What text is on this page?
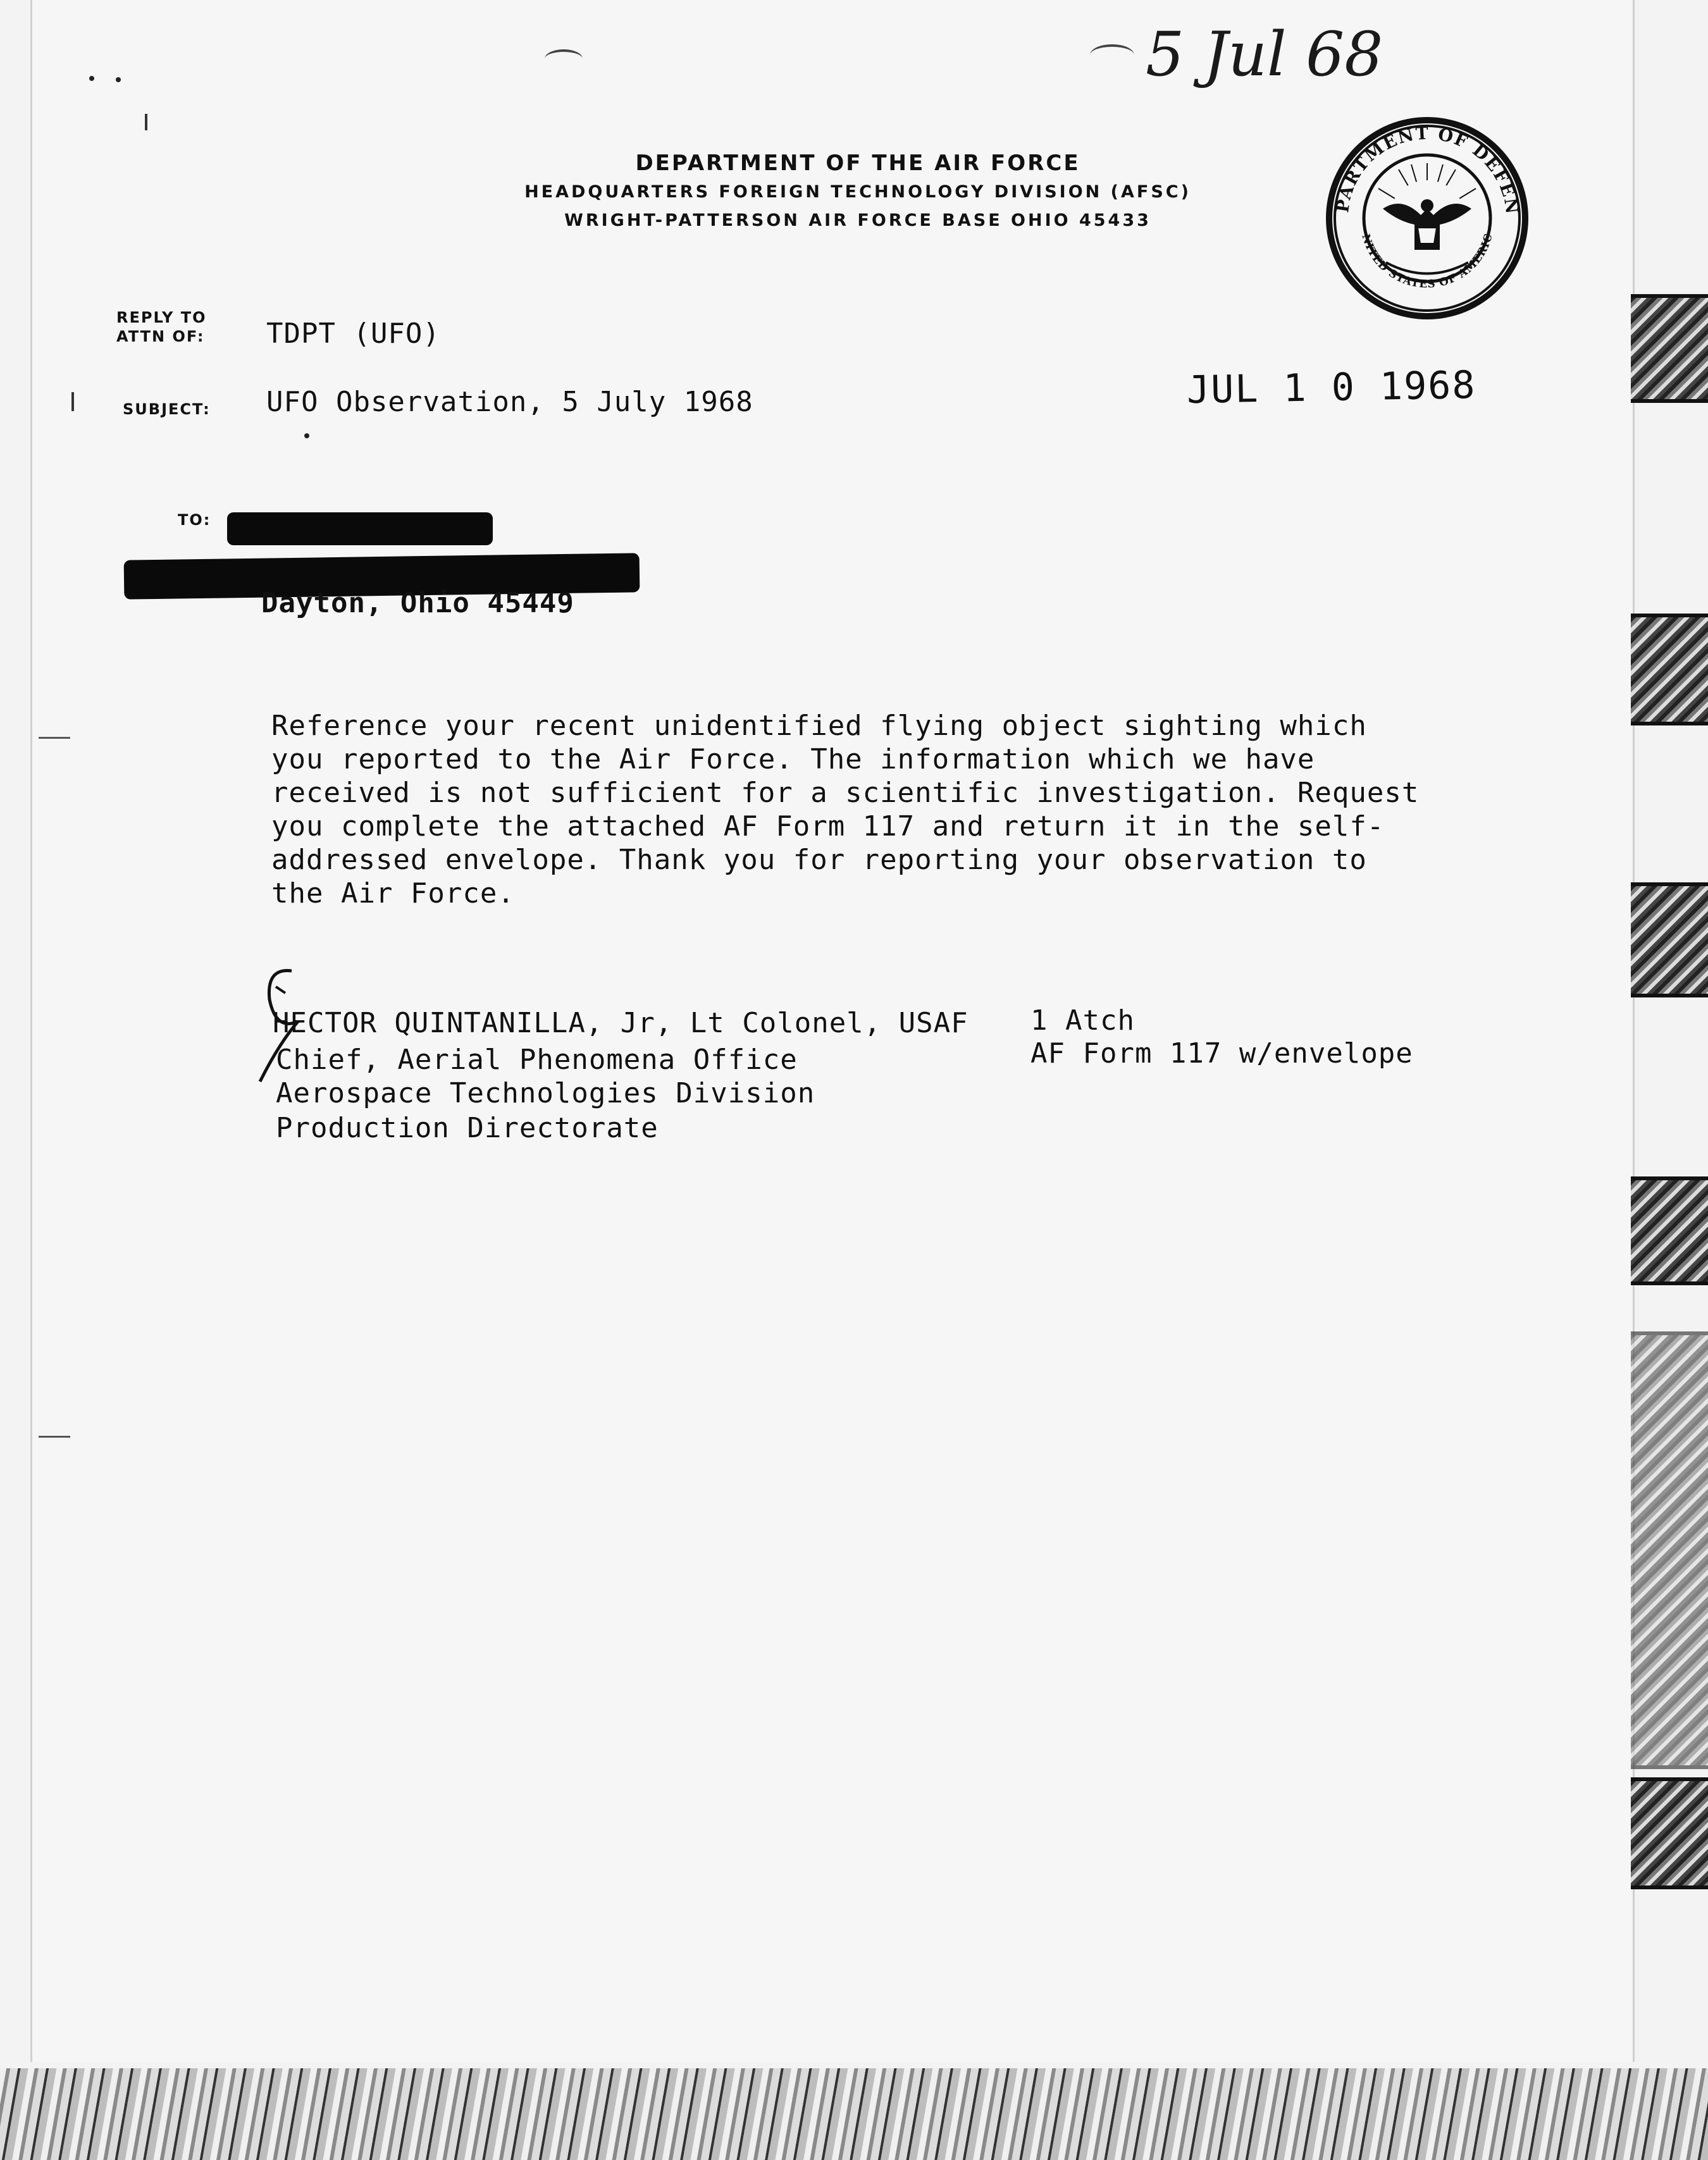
5 Jul 68
DEPARTMENT OF THE AIR FORCE
HEADQUARTERS FOREIGN TECHNOLOGY DIVISION (AFSC)
WRIGHT-PATTERSON AIR FORCE BASE OHIO 45433
PARTMENT OF DEFEN
NITED STATES OF AMERIC
REPLY TO
ATTN OF: TDPT (UFO)
SUBJECT: UFO Observation, 5 July 1968	JUL 1 0 1968
TO:
Dayton, Ohio 45449
Reference your recent unidentified flying object sighting which
you reported to the Air Force. The information which we have
received is not sufficient for a scientific investigation. Request
you complete the attached AF Form 117 and return it in the self-
addressed envelope. Thank you for reporting your observation to
the Air Force.
HECTOR QUINTANILLA, Jr, Lt Colonel, USAF
Chief, Aerial Phenomena Office
Aerospace Technologies Division
Production Directorate
1 Atch
AF Form 117 w/envelope
